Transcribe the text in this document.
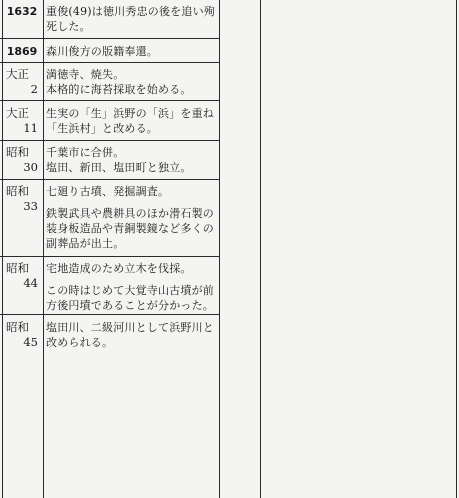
1632 重俊(49)は徳川秀忠の後を追い殉

死した。

1869 森川俊方の版籍奉還。

大正
2

満徳寺、焼失。

本格的に海苔採取を始める。

大正
11

生実の「生」浜野の「浜」を重ね

「生浜村」と改める。

昭和
30

千葉市に合併。

塩田、新田、塩田町と独立。

昭和
33

七廻り古墳、発掘調査。

鉄製武具や農耕具のほか滑石製の

装身板造品や青銅製鏡など多くの

副葬品が出土。

昭和
44

宅地造成のため立木を伐採。

この時はじめて大覚寺山古墳が前

方後円墳であることが分かった。

昭和
45

塩田川、二級河川として浜野川と

改められる。
